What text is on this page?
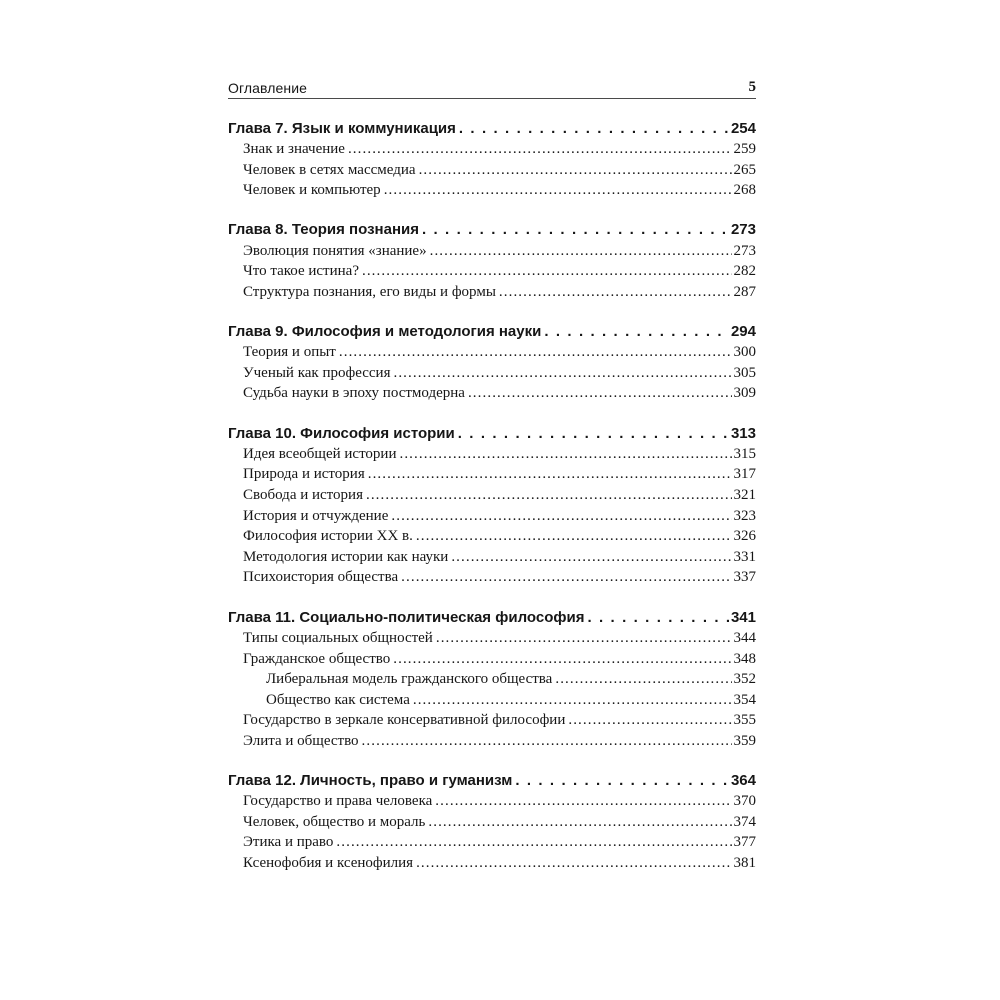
Оглавление	5
Глава 7. Язык и коммуникация . . .	254
Знак и значение .....	259
Человек в сетях массмедиа .....	265
Человек и компьютер .....	268
Глава 8. Теория познания . . .	273
Эволюция понятия «знание» .....	273
Что такое истина? .....	282
Структура познания, его виды и формы .....	287
Глава 9. Философия и методология науки . . .	294
Теория и опыт .....	300
Ученый как профессия .....	305
Судьба науки в эпоху постмодерна .....	309
Глава 10. Философия истории . . .	313
Идея всеобщей истории .....	315
Природа и история .....	317
Свобода и история .....	321
История и отчуждение .....	323
Философия истории XX в. .....	326
Методология истории как науки .....	331
Психоистория общества .....	337
Глава 11. Социально-политическая философия . . .	341
Типы социальных общностей .....	344
Гражданское общество .....	348
Либеральная модель гражданского общества .....	352
Общество как система .....	354
Государство в зеркале консервативной философии .....	355
Элита и общество .....	359
Глава 12. Личность, право и гуманизм . . .	364
Государство и права человека .....	370
Человек, общество и мораль .....	374
Этика и право .....	377
Ксенофобия и ксенофилия .....	381
